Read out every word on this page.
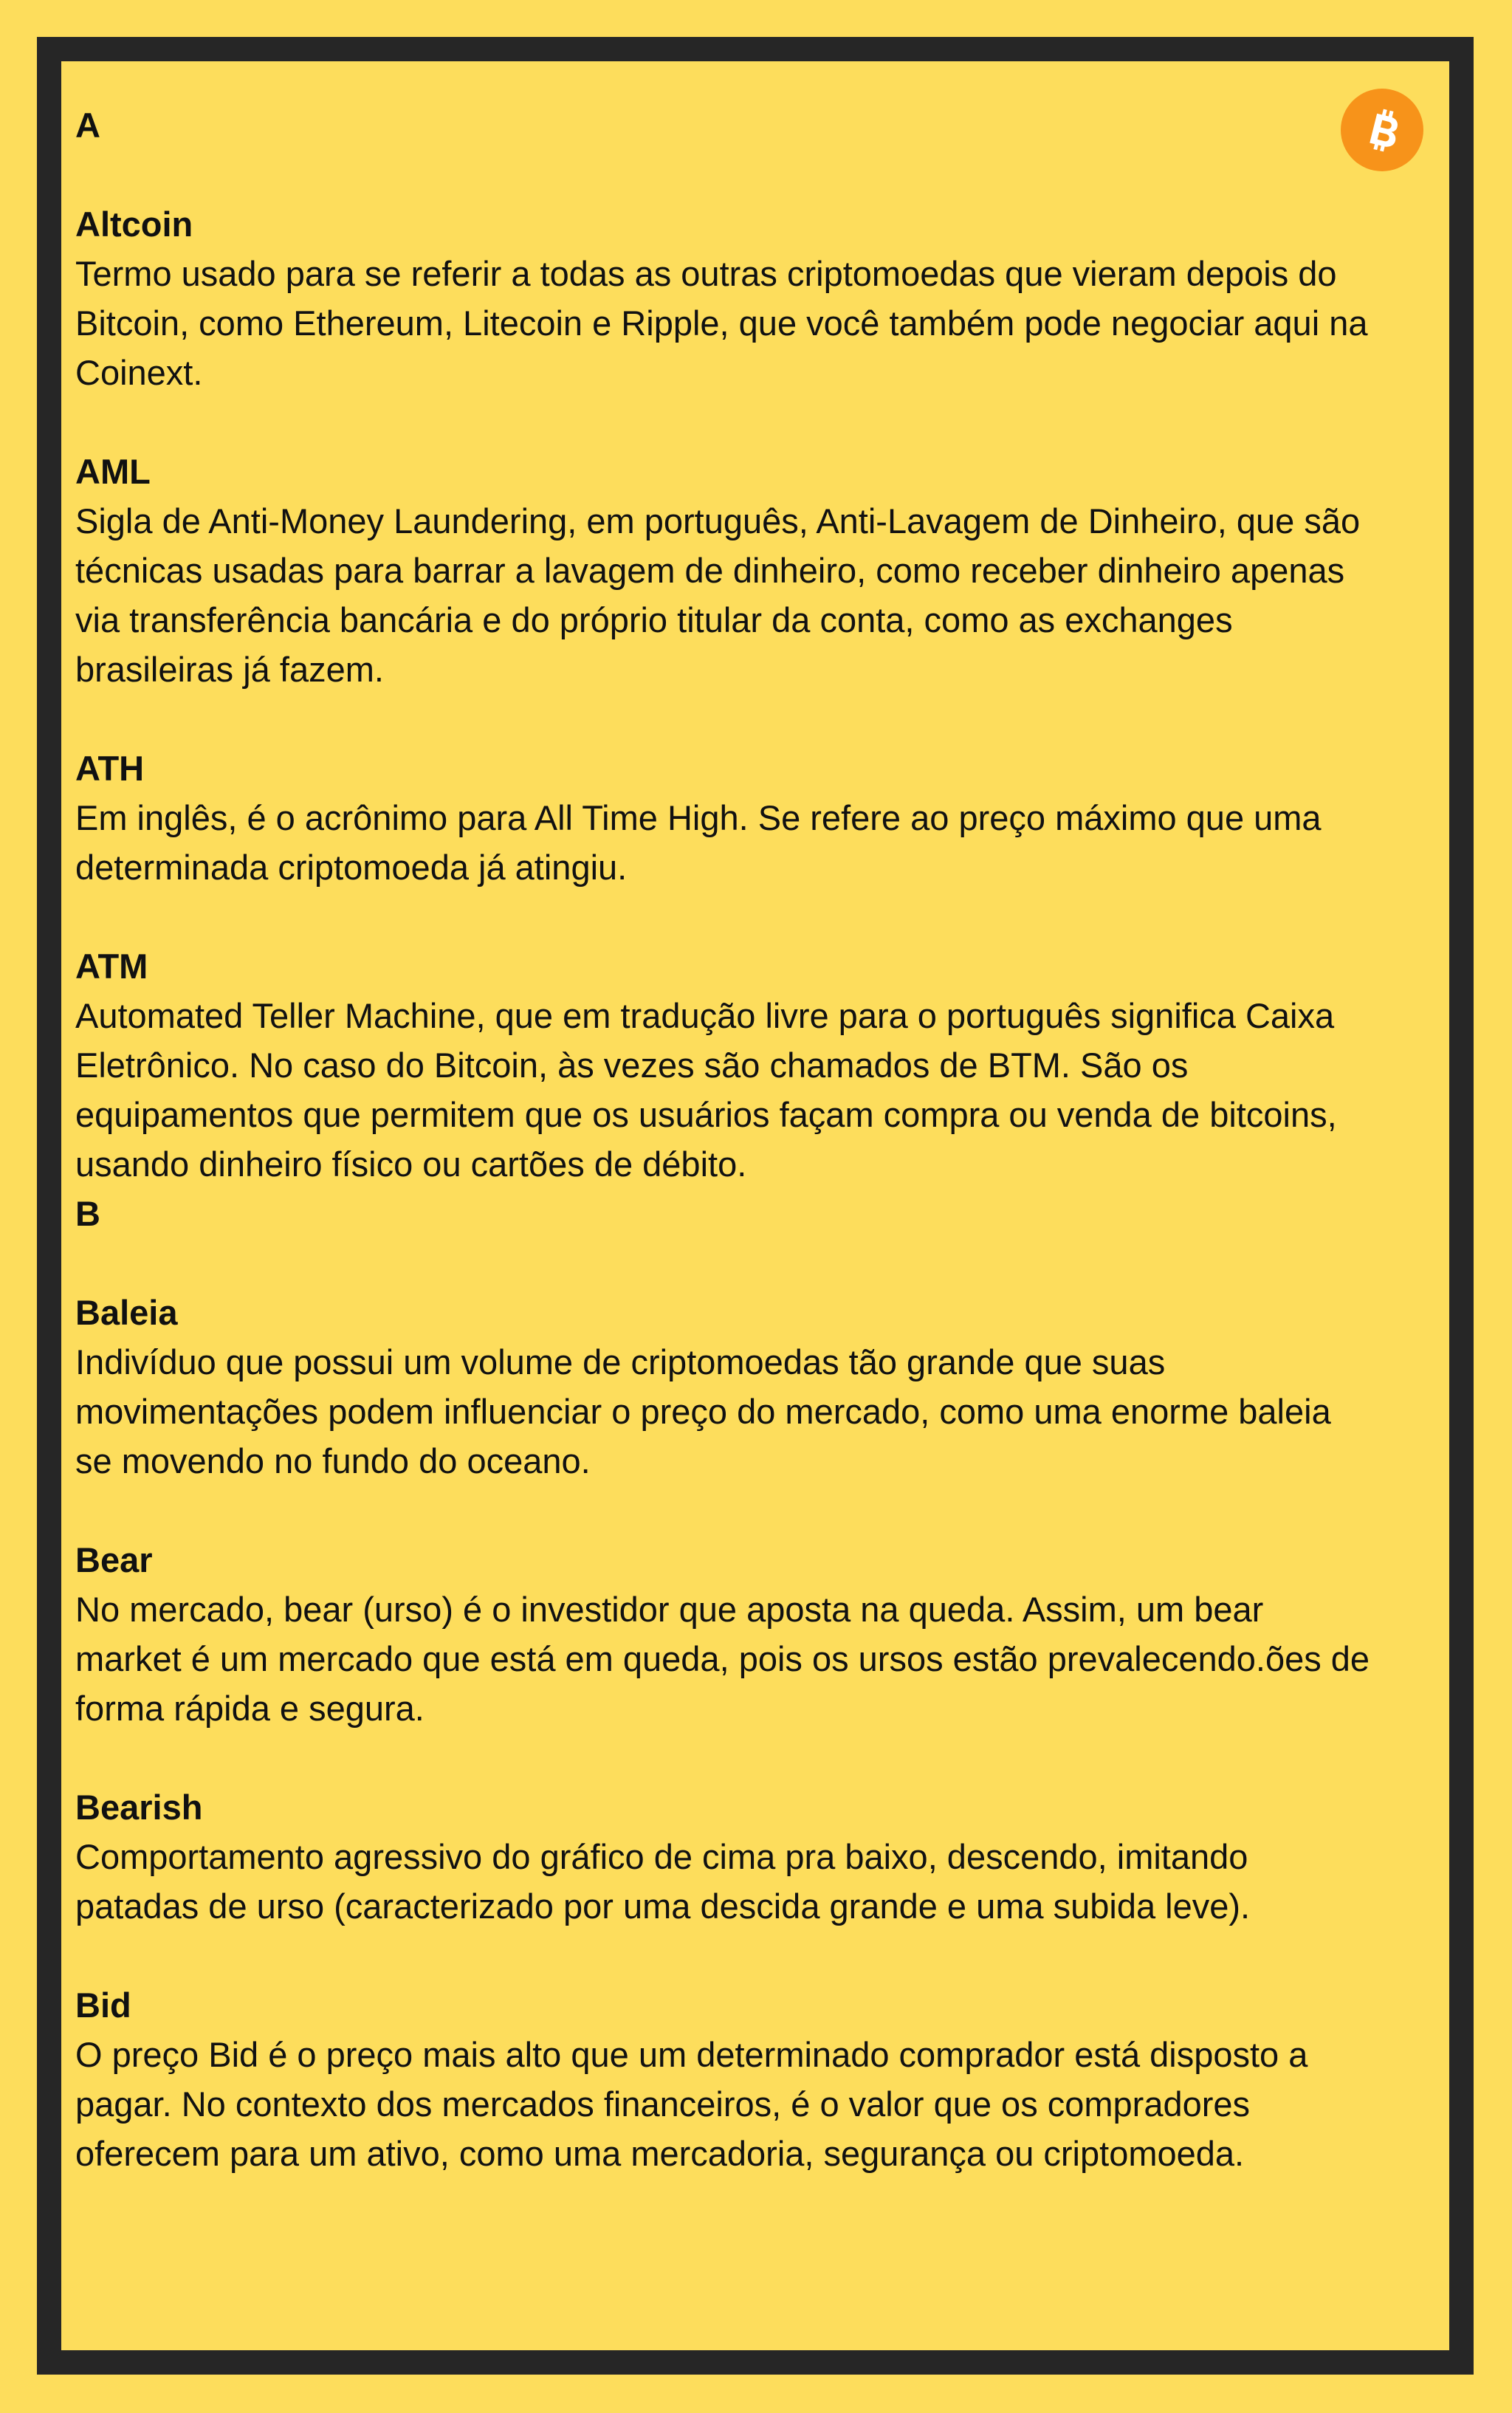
A

Altcoin

Termo usado para se referir a todas as outras criptomoedas que vieram depois do Bitcoin, como Ethereum, Litecoin e Ripple, que você também pode negociar aqui na Coinext.

AML

Sigla de Anti-Money Laundering, em português, Anti-Lavagem de Dinheiro, que são técnicas usadas para barrar a lavagem de dinheiro, como receber dinheiro apenas via transferência bancária e do próprio titular da conta, como as exchanges brasileiras já fazem.

ATH

Em inglês, é o acrônimo para All Time High. Se refere ao preço máximo que uma determinada criptomoeda já atingiu.

ATM

Automated Teller Machine, que em tradução livre para o português significa Caixa Eletrônico. No caso do Bitcoin, às vezes são chamados de BTM. São os equipamentos que permitem que os usuários façam compra ou venda de bitcoins, usando dinheiro físico ou cartões de débito.

B

Baleia

Indivíduo que possui um volume de criptomoedas tão grande que suas movimentações podem influenciar o preço do mercado, como uma enorme baleia se movendo no fundo do oceano.

Bear

No mercado, bear (urso) é o investidor que aposta na queda. Assim, um bear market é um mercado que está em queda, pois os ursos estão prevalecendo.ões de forma rápida e segura.

Bearish

Comportamento agressivo do gráfico de cima pra baixo, descendo, imitando patadas de urso (caracterizado por uma descida grande e uma subida leve).

Bid

O preço Bid é o preço mais alto que um determinado comprador está disposto a pagar. No contexto dos mercados financeiros, é o valor que os compradores oferecem para um ativo, como uma mercadoria, segurança ou criptomoeda.
